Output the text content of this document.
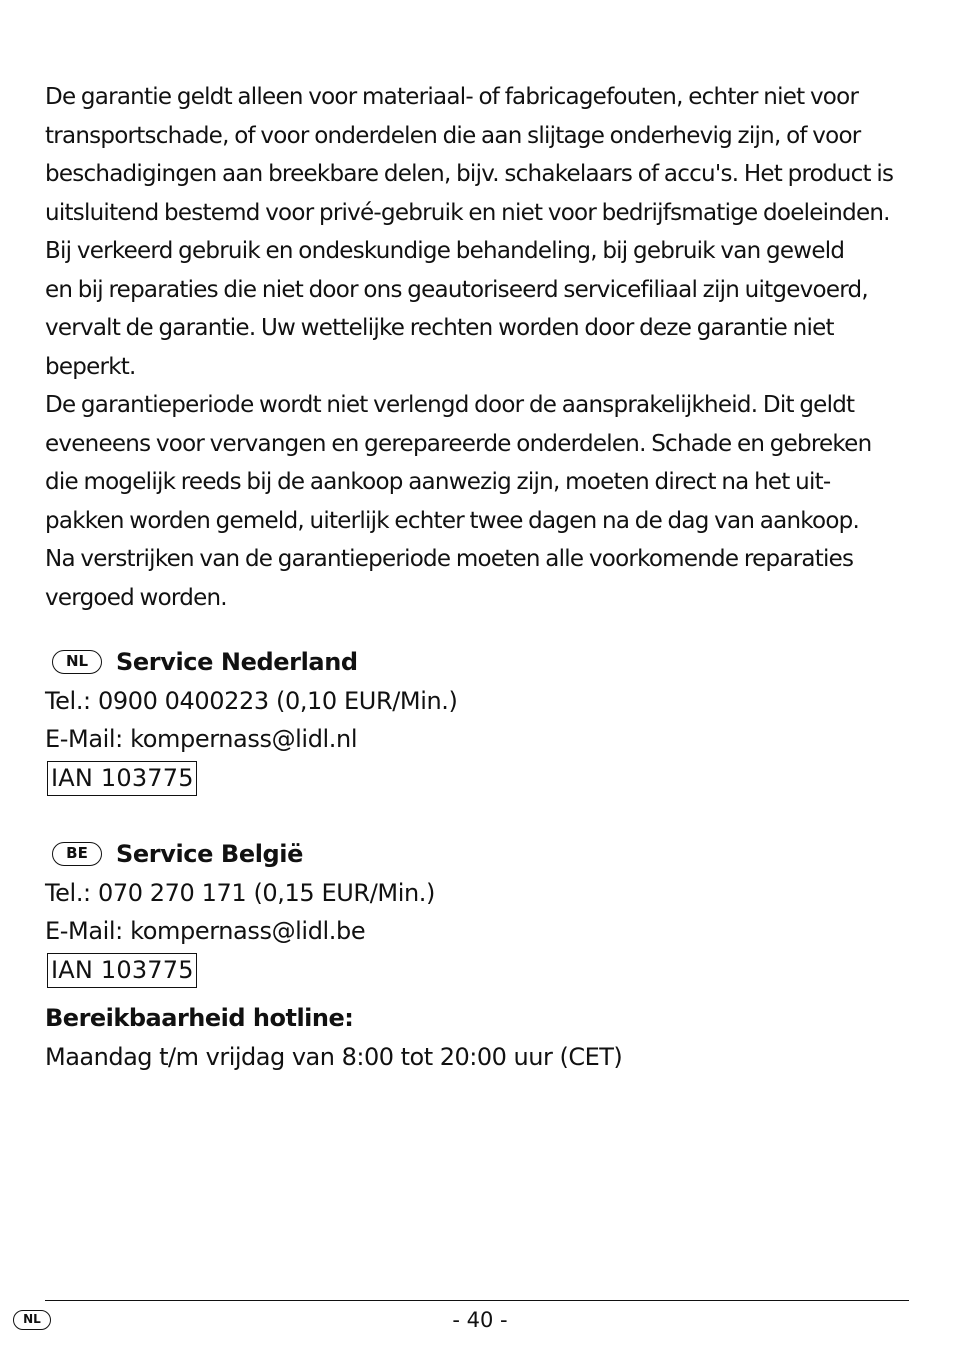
De garantie geldt alleen voor materiaal- of fabricagefouten, echter niet voor
transportschade, of voor onderdelen die aan slijtage onderhevig zijn, of voor
beschadigingen aan breekbare delen, bijv. schakelaars of accu's. Het product is
uitsluitend bestemd voor privé-gebruik en niet voor bedrijfsmatige doeleinden.
Bij verkeerd gebruik en ondeskundige behandeling, bij gebruik van geweld
en bij reparaties die niet door ons geautoriseerd servicefiliaal zijn uitgevoerd,
vervalt de garantie. Uw wettelijke rechten worden door deze garantie niet
beperkt.
De garantieperiode wordt niet verlengd door de aansprakelijkheid. Dit geldt
eveneens voor vervangen en gerepareerde onderdelen. Schade en gebreken
die mogelijk reeds bij de aankoop aanwezig zijn, moeten direct na het uit-
pakken worden gemeld, uiterlijk echter twee dagen na de dag van aankoop.
Na verstrijken van de garantieperiode moeten alle voorkomende reparaties
vergoed worden.
NL	Service Nederland
Tel.: 0900 0400223 (0,10 EUR/Min.)
E-Mail: kompernass@lidl.nl
IAN 103775
BE	Service België
Tel.: 070 270 171 (0,15 EUR/Min.)
E-Mail: kompernass@lidl.be
IAN 103775
Bereikbaarheid hotline:
Maandag t/m vrijdag van 8:00 tot 20:00 uur (CET)
NL	- 40 -
